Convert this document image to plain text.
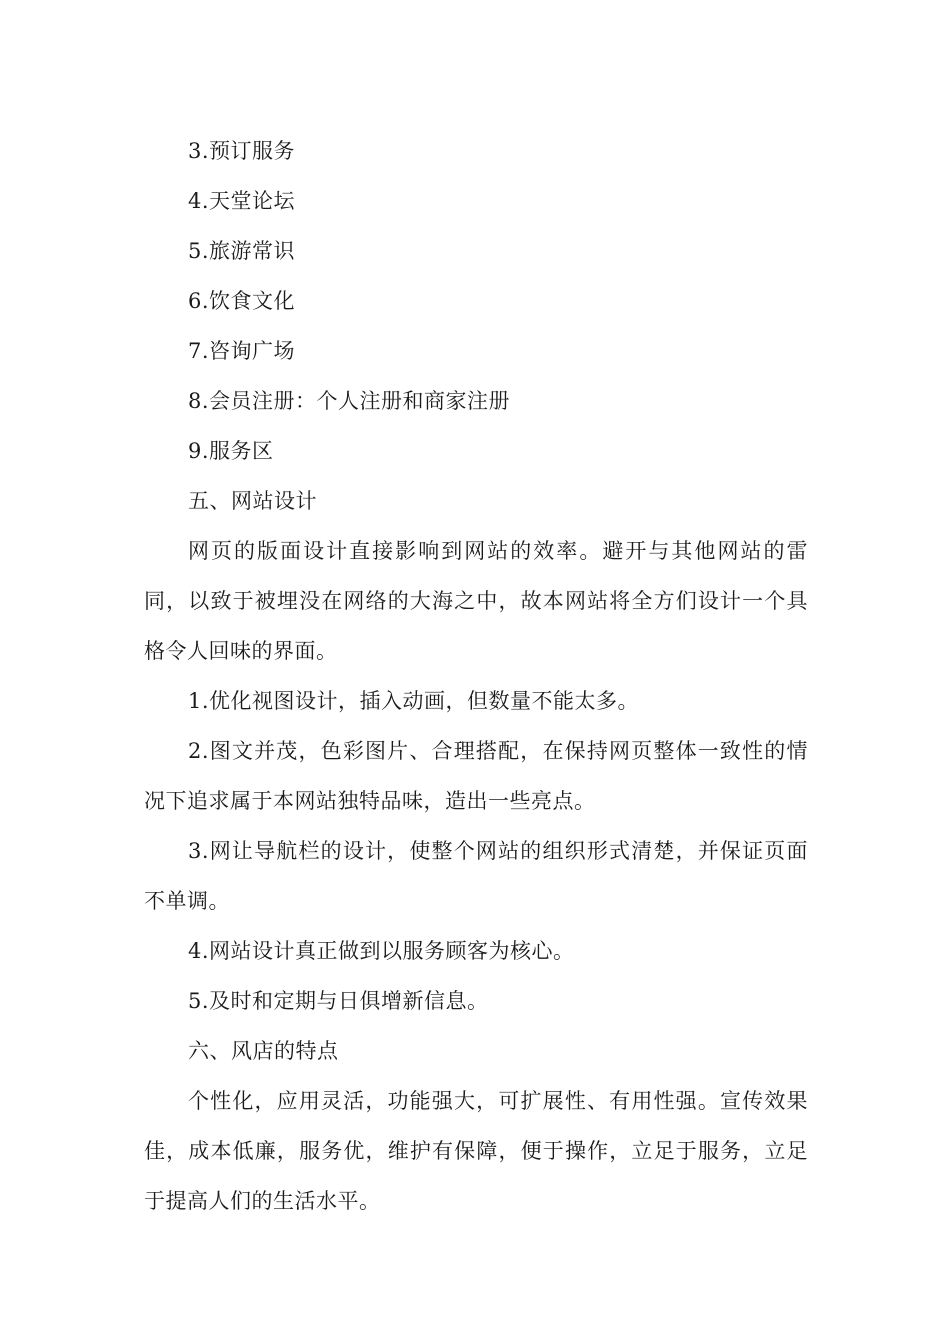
3.预订服务

4.天堂论坛

5.旅游常识

6.饮食文化

7.咨询广场

8.会员注册：个人注册和商家注册

9.服务区

五、网站设计

网页的版面设计直接影响到网站的效率。避开与其他网站的雷同，以致于被埋没在网络的大海之中，故本网站将全方们设计一个具格令人回味的界面。

1.优化视图设计，插入动画，但数量不能太多。

2.图文并茂，色彩图片、合理搭配，在保持网页整体一致性的情况下追求属于本网站独特品味，造出一些亮点。

3.网让导航栏的设计，使整个网站的组织形式清楚，并保证页面不单调。

4.网站设计真正做到以服务顾客为核心。

5.及时和定期与日俱增新信息。

六、风店的特点

个性化，应用灵活，功能强大，可扩展性、有用性强。宣传效果佳，成本低廉，服务优，维护有保障，便于操作，立足于服务，立足于提高人们的生活水平。
